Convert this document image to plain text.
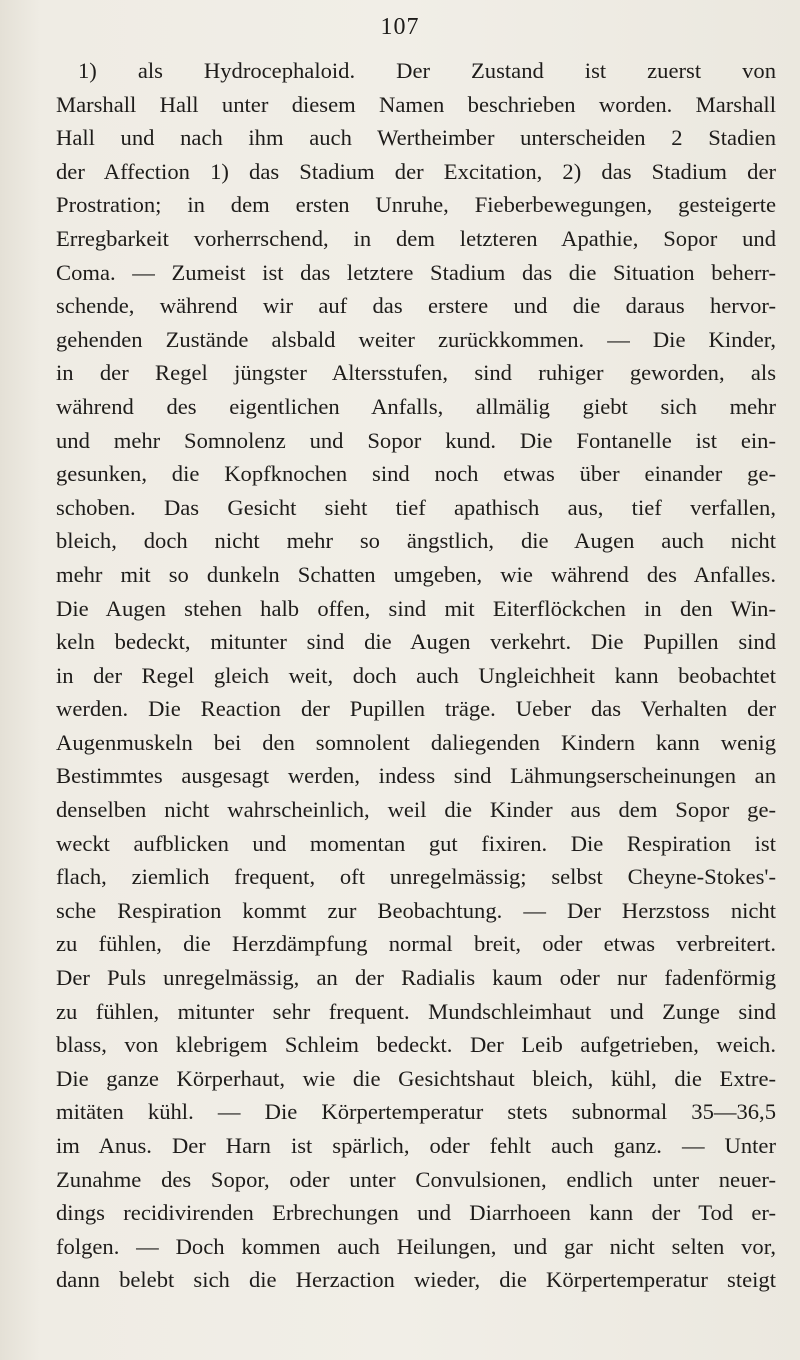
107
1) als Hydrocephaloid. Der Zustand ist zuerst von
Marshall Hall unter diesem Namen beschrieben worden. Marshall
Hall und nach ihm auch Wertheimber unterscheiden 2 Stadien
der Affection 1) das Stadium der Excitation, 2) das Stadium der
Prostration; in dem ersten Unruhe, Fieberbewegungen, gesteigerte
Erregbarkeit vorherrschend, in dem letzteren Apathie, Sopor und
Coma. — Zumeist ist das letztere Stadium das die Situation beherr-
schende, während wir auf das erstere und die daraus hervor-
gehenden Zustände alsbald weiter zurückkommen. — Die Kinder,
in der Regel jüngster Altersstufen, sind ruhiger geworden, als
während des eigentlichen Anfalls, allmälig giebt sich mehr
und mehr Somnolenz und Sopor kund. Die Fontanelle ist ein-
gesunken, die Kopfknochen sind noch etwas über einander ge-
schoben. Das Gesicht sieht tief apathisch aus, tief verfallen,
bleich, doch nicht mehr so ängstlich, die Augen auch nicht
mehr mit so dunkeln Schatten umgeben, wie während des Anfalles.
Die Augen stehen halb offen, sind mit Eiterflöckchen in den Win-
keln bedeckt, mitunter sind die Augen verkehrt. Die Pupillen sind
in der Regel gleich weit, doch auch Ungleichheit kann beobachtet
werden. Die Reaction der Pupillen träge. Ueber das Verhalten der
Augenmuskeln bei den somnolent daliegenden Kindern kann wenig
Bestimmtes ausgesagt werden, indess sind Lähmungserscheinungen an
denselben nicht wahrscheinlich, weil die Kinder aus dem Sopor ge-
weckt aufblicken und momentan gut fixiren. Die Respiration ist
flach, ziemlich frequent, oft unregelmässig; selbst Cheyne-Stokes'-
sche Respiration kommt zur Beobachtung. — Der Herzstoss nicht
zu fühlen, die Herzdämpfung normal breit, oder etwas verbreitert.
Der Puls unregelmässig, an der Radialis kaum oder nur fadenförmig
zu fühlen, mitunter sehr frequent. Mundschleimhaut und Zunge sind
blass, von klebrigem Schleim bedeckt. Der Leib aufgetrieben, weich.
Die ganze Körperhaut, wie die Gesichtshaut bleich, kühl, die Extre-
mitäten kühl. — Die Körpertemperatur stets subnormal 35—36,5
im Anus. Der Harn ist spärlich, oder fehlt auch ganz. — Unter
Zunahme des Sopor, oder unter Convulsionen, endlich unter neuer-
dings recidivirenden Erbrechungen und Diarrhoeen kann der Tod er-
folgen. — Doch kommen auch Heilungen, und gar nicht selten vor,
dann belebt sich die Herzaction wieder, die Körpertemperatur steigt
